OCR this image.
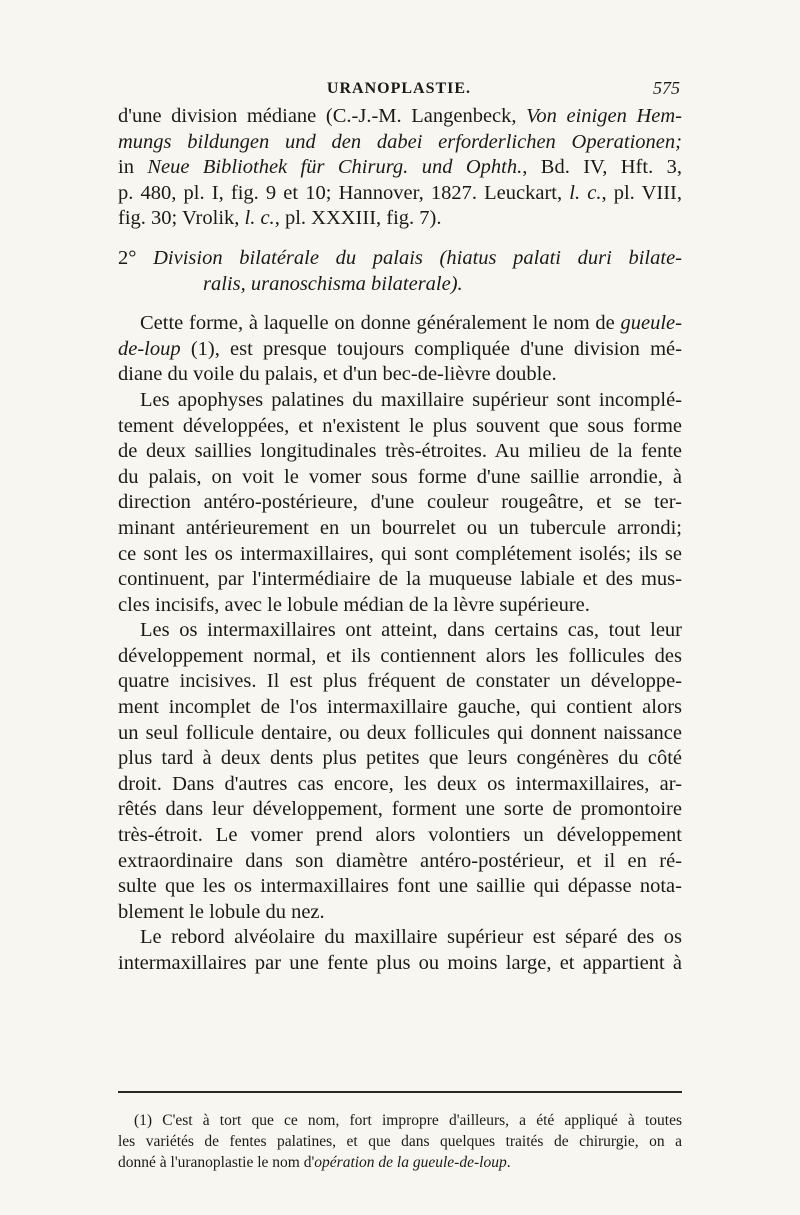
URANOPLASTIE.	575

d'une division médiane (C.-J.-M. Langenbeck, Von einigen Hem-
mungs bildungen und den dabei erforderlichen Operationen;
in Neue Bibliothek für Chirurg. und Ophth., Bd. IV, Hft. 3,
p. 480, pl. I, fig. 9 et 10; Hannover, 1827. Leuckart, l. c., pl. VIII,
fig. 30; Vrolik, l. c., pl. XXXIII, fig. 7).

2° Division bilatérale du palais (hiatus palati duri bilate-
ralis, uranoschisma bilaterale).

Cette forme, à laquelle on donne généralement le nom de gueule-
de-loup (1), est presque toujours compliquée d'une division mé-
diane du voile du palais, et d'un bec-de-lièvre double.

Les apophyses palatines du maxillaire supérieur sont incomplé-
tement développées, et n'existent le plus souvent que sous forme
de deux saillies longitudinales très-étroites. Au milieu de la fente
du palais, on voit le vomer sous forme d'une saillie arrondie, à
direction antéro-postérieure, d'une couleur rougeâtre, et se ter-
minant antérieurement en un bourrelet ou un tubercule arrondi;
ce sont les os intermaxillaires, qui sont complétement isolés; ils se
continuent, par l'intermédiaire de la muqueuse labiale et des mus-
cles incisifs, avec le lobule médian de la lèvre supérieure.

Les os intermaxillaires ont atteint, dans certains cas, tout leur
développement normal, et ils contiennent alors les follicules des
quatre incisives. Il est plus fréquent de constater un développe-
ment incomplet de l'os intermaxillaire gauche, qui contient alors
un seul follicule dentaire, ou deux follicules qui donnent naissance
plus tard à deux dents plus petites que leurs congénères du côté
droit. Dans d'autres cas encore, les deux os intermaxillaires, ar-
rêtés dans leur développement, forment une sorte de promontoire
très-étroit. Le vomer prend alors volontiers un développement
extraordinaire dans son diamètre antéro-postérieur, et il en ré-
sulte que les os intermaxillaires font une saillie qui dépasse nota-
blement le lobule du nez.

Le rebord alvéolaire du maxillaire supérieur est séparé des os
intermaxillaires par une fente plus ou moins large, et appartient à

(1) C'est à tort que ce nom, fort impropre d'ailleurs, a été appliqué à toutes
les variétés de fentes palatines, et que dans quelques traités de chirurgie, on a
donné à l'uranoplastie le nom d'opération de la gueule-de-loup.
